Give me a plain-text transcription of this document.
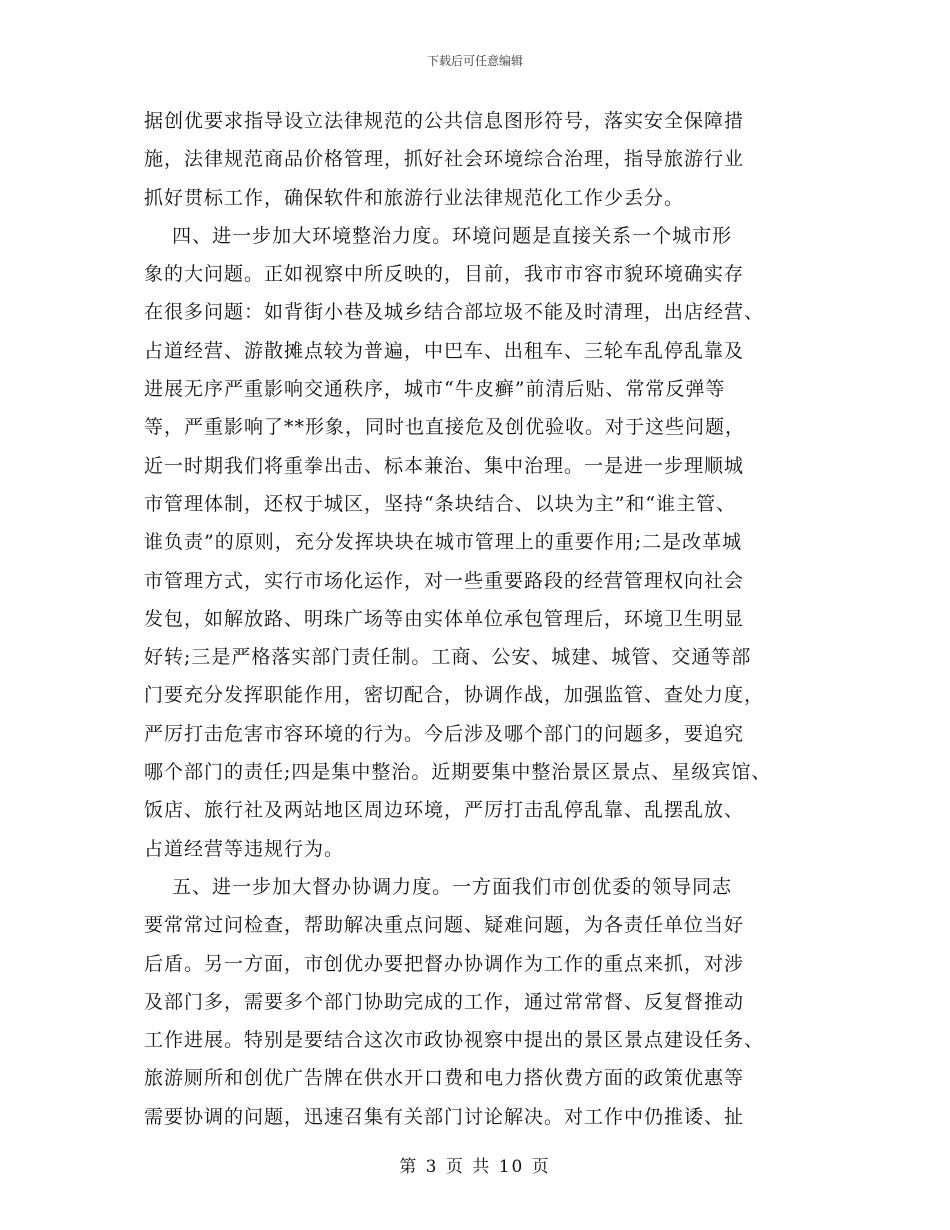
下载后可任意编辑
据创优要求指导设立法律规范的公共信息图形符号，落实安全保障措
施，法律规范商品价格管理，抓好社会环境综合治理，指导旅游行业
抓好贯标工作，确保软件和旅游行业法律规范化工作少丢分。
四、进一步加大环境整治力度。环境问题是直接关系一个城市形
象的大问题。正如视察中所反映的，目前，我市市容市貌环境确实存
在很多问题：如背街小巷及城乡结合部垃圾不能及时清理，出店经营、
占道经营、游散摊点较为普遍，中巴车、出租车、三轮车乱停乱靠及
进展无序严重影响交通秩序，城市“牛皮癣”前清后贴、常常反弹等
等，严重影响了**形象，同时也直接危及创优验收。对于这些问题，
近一时期我们将重拳出击、标本兼治、集中治理。一是进一步理顺城
市管理体制，还权于城区，坚持“条块结合、以块为主”和“谁主管、
谁负责”的原则，充分发挥块块在城市管理上的重要作用;二是改革城
市管理方式，实行市场化运作，对一些重要路段的经营管理权向社会
发包，如解放路、明珠广场等由实体单位承包管理后，环境卫生明显
好转;三是严格落实部门责任制。工商、公安、城建、城管、交通等部
门要充分发挥职能作用，密切配合，协调作战，加强监管、查处力度，
严厉打击危害市容环境的行为。今后涉及哪个部门的问题多，要追究
哪个部门的责任;四是集中整治。近期要集中整治景区景点、星级宾馆、
饭店、旅行社及两站地区周边环境，严厉打击乱停乱靠、乱摆乱放、
占道经营等违规行为。
五、进一步加大督办协调力度。一方面我们市创优委的领导同志
要常常过问检查，帮助解决重点问题、疑难问题，为各责任单位当好
后盾。另一方面，市创优办要把督办协调作为工作的重点来抓，对涉
及部门多，需要多个部门协助完成的工作，通过常常督、反复督推动
工作进展。特别是要结合这次市政协视察中提出的景区景点建设任务、
旅游厕所和创优广告牌在供水开口费和电力搭伙费方面的政策优惠等
需要协调的问题，迅速召集有关部门讨论解决。对工作中仍推诿、扯
第 3 页 共 10 页
